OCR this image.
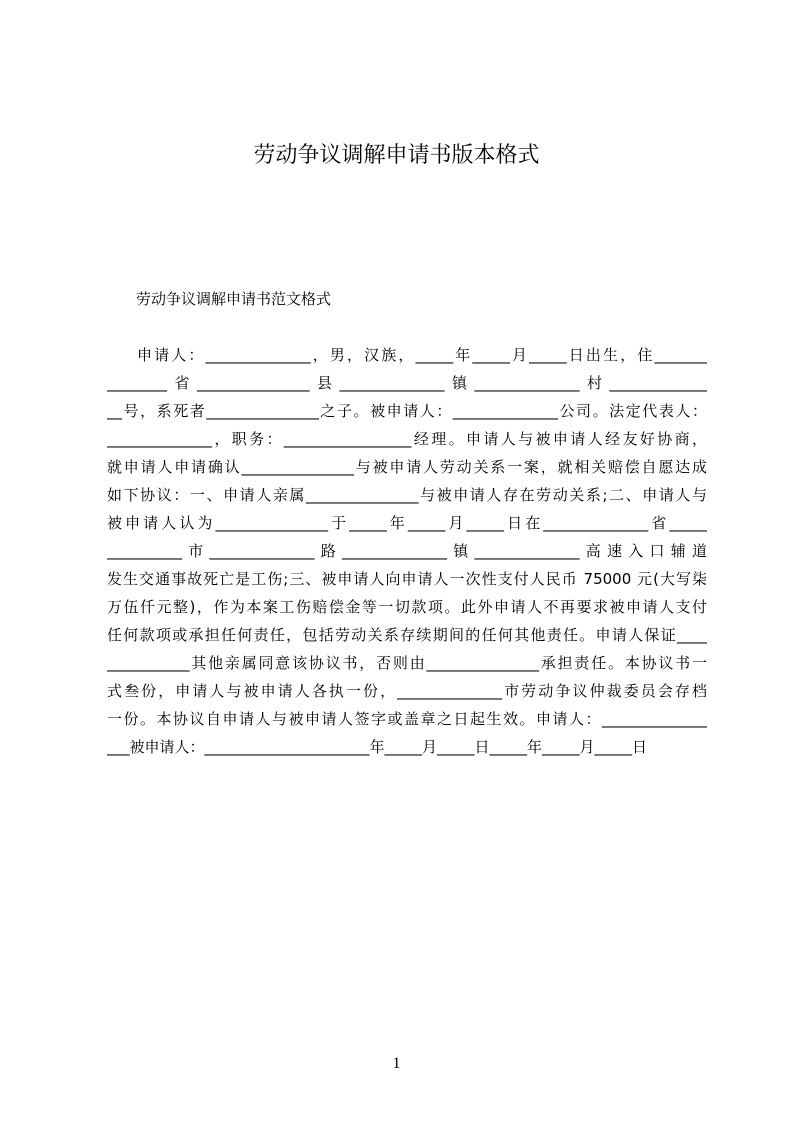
劳动争议调解申请书版本格式

劳动争议调解申请书范文格式

申请人：______________，男，汉族，_____年_____月_____日出生，住_______
________省_______________县______________镇______________村_____________
__号，系死者_______________之子。被申请人：______________公司。法定代表人：
______________，职务：_________________经理。申请人与被申请人经友好协商，
就申请人申请确认_______________与被申请人劳动关系一案，就相关赔偿自愿达成
如下协议：一、申请人亲属_______________与被申请人存在劳动关系;二、申请人与
被申请人认为_______________于_____年_____月_____日在______________省_____
__________市______________路______________镇______________高速入口辅道
发生交通事故死亡是工伤;三、被申请人向申请人一次性支付人民币 75000 元(大写柒
万伍仟元整)，作为本案工伤赔偿金等一切款项。此外申请人不再要求被申请人支付
任何款项或承担任何责任，包括劳动关系存续期间的任何其他责任。申请人保证____
___________其他亲属同意该协议书，否则由_______________承担责任。本协议书一
式叁份，申请人与被申请人各执一份，______________市劳动争议仲裁委员会存档
一份。本协议自申请人与被申请人签字或盖章之日起生效。申请人：______________
___被申请人：______________________年_____月_____日_____年_____月_____日
1
